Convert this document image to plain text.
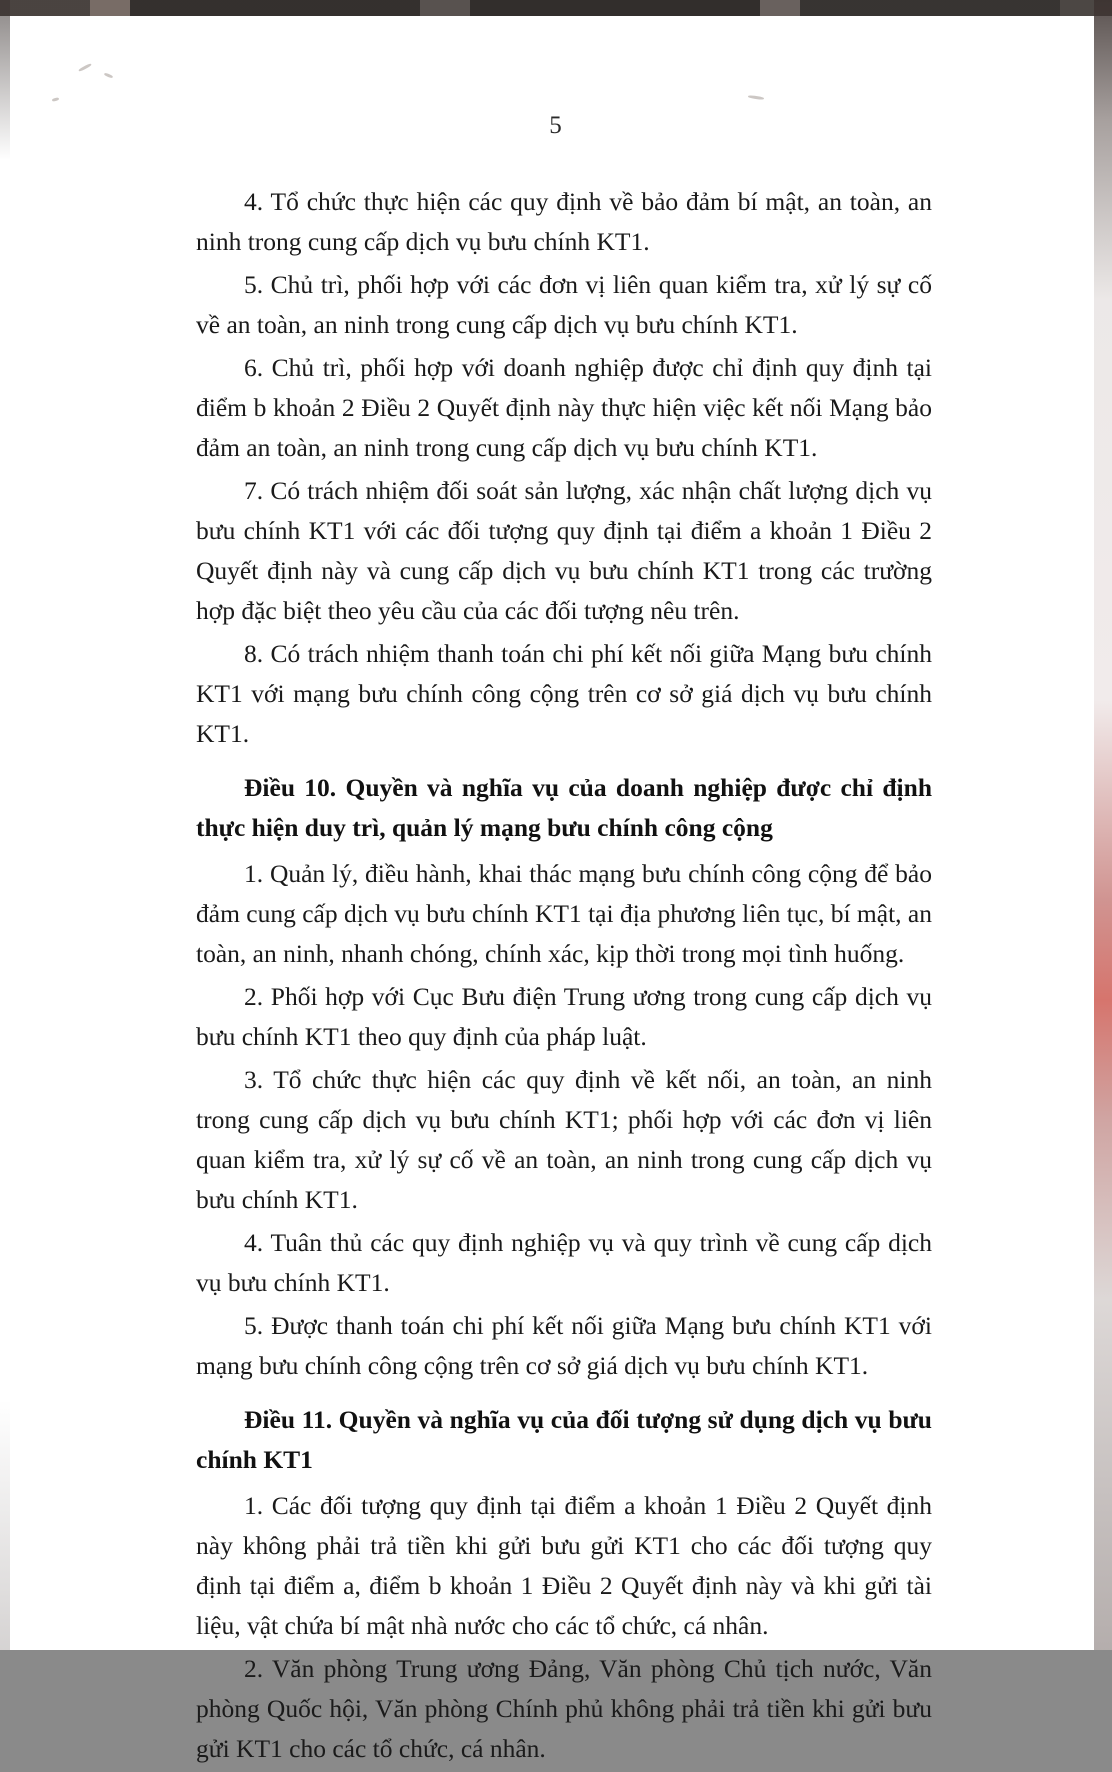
5

4. Tổ chức thực hiện các quy định về bảo đảm bí mật, an toàn, an ninh trong cung cấp dịch vụ bưu chính KT1.

5. Chủ trì, phối hợp với các đơn vị liên quan kiểm tra, xử lý sự cố về an toàn, an ninh trong cung cấp dịch vụ bưu chính KT1.

6. Chủ trì, phối hợp với doanh nghiệp được chỉ định quy định tại điểm b khoản 2 Điều 2 Quyết định này thực hiện việc kết nối Mạng bảo đảm an toàn, an ninh trong cung cấp dịch vụ bưu chính KT1.

7. Có trách nhiệm đối soát sản lượng, xác nhận chất lượng dịch vụ bưu chính KT1 với các đối tượng quy định tại điểm a khoản 1 Điều 2 Quyết định này và cung cấp dịch vụ bưu chính KT1 trong các trường hợp đặc biệt theo yêu cầu của các đối tượng nêu trên.

8. Có trách nhiệm thanh toán chi phí kết nối giữa Mạng bưu chính KT1 với mạng bưu chính công cộng trên cơ sở giá dịch vụ bưu chính KT1.

Điều 10. Quyền và nghĩa vụ của doanh nghiệp được chỉ định thực hiện duy trì, quản lý mạng bưu chính công cộng

1. Quản lý, điều hành, khai thác mạng bưu chính công cộng để bảo đảm cung cấp dịch vụ bưu chính KT1 tại địa phương liên tục, bí mật, an toàn, an ninh, nhanh chóng, chính xác, kịp thời trong mọi tình huống.

2. Phối hợp với Cục Bưu điện Trung ương trong cung cấp dịch vụ bưu chính KT1 theo quy định của pháp luật.

3. Tổ chức thực hiện các quy định về kết nối, an toàn, an ninh trong cung cấp dịch vụ bưu chính KT1; phối hợp với các đơn vị liên quan kiểm tra, xử lý sự cố về an toàn, an ninh trong cung cấp dịch vụ bưu chính KT1.

4. Tuân thủ các quy định nghiệp vụ và quy trình về cung cấp dịch vụ bưu chính KT1.

5. Được thanh toán chi phí kết nối giữa Mạng bưu chính KT1 với mạng bưu chính công cộng trên cơ sở giá dịch vụ bưu chính KT1.

Điều 11. Quyền và nghĩa vụ của đối tượng sử dụng dịch vụ bưu chính KT1

1. Các đối tượng quy định tại điểm a khoản 1 Điều 2 Quyết định này không phải trả tiền khi gửi bưu gửi KT1 cho các đối tượng quy định tại điểm a, điểm b khoản 1 Điều 2 Quyết định này và khi gửi tài liệu, vật chứa bí mật nhà nước cho các tổ chức, cá nhân.

2. Văn phòng Trung ương Đảng, Văn phòng Chủ tịch nước, Văn phòng Quốc hội, Văn phòng Chính phủ không phải trả tiền khi gửi bưu gửi KT1 cho các tổ chức, cá nhân.
